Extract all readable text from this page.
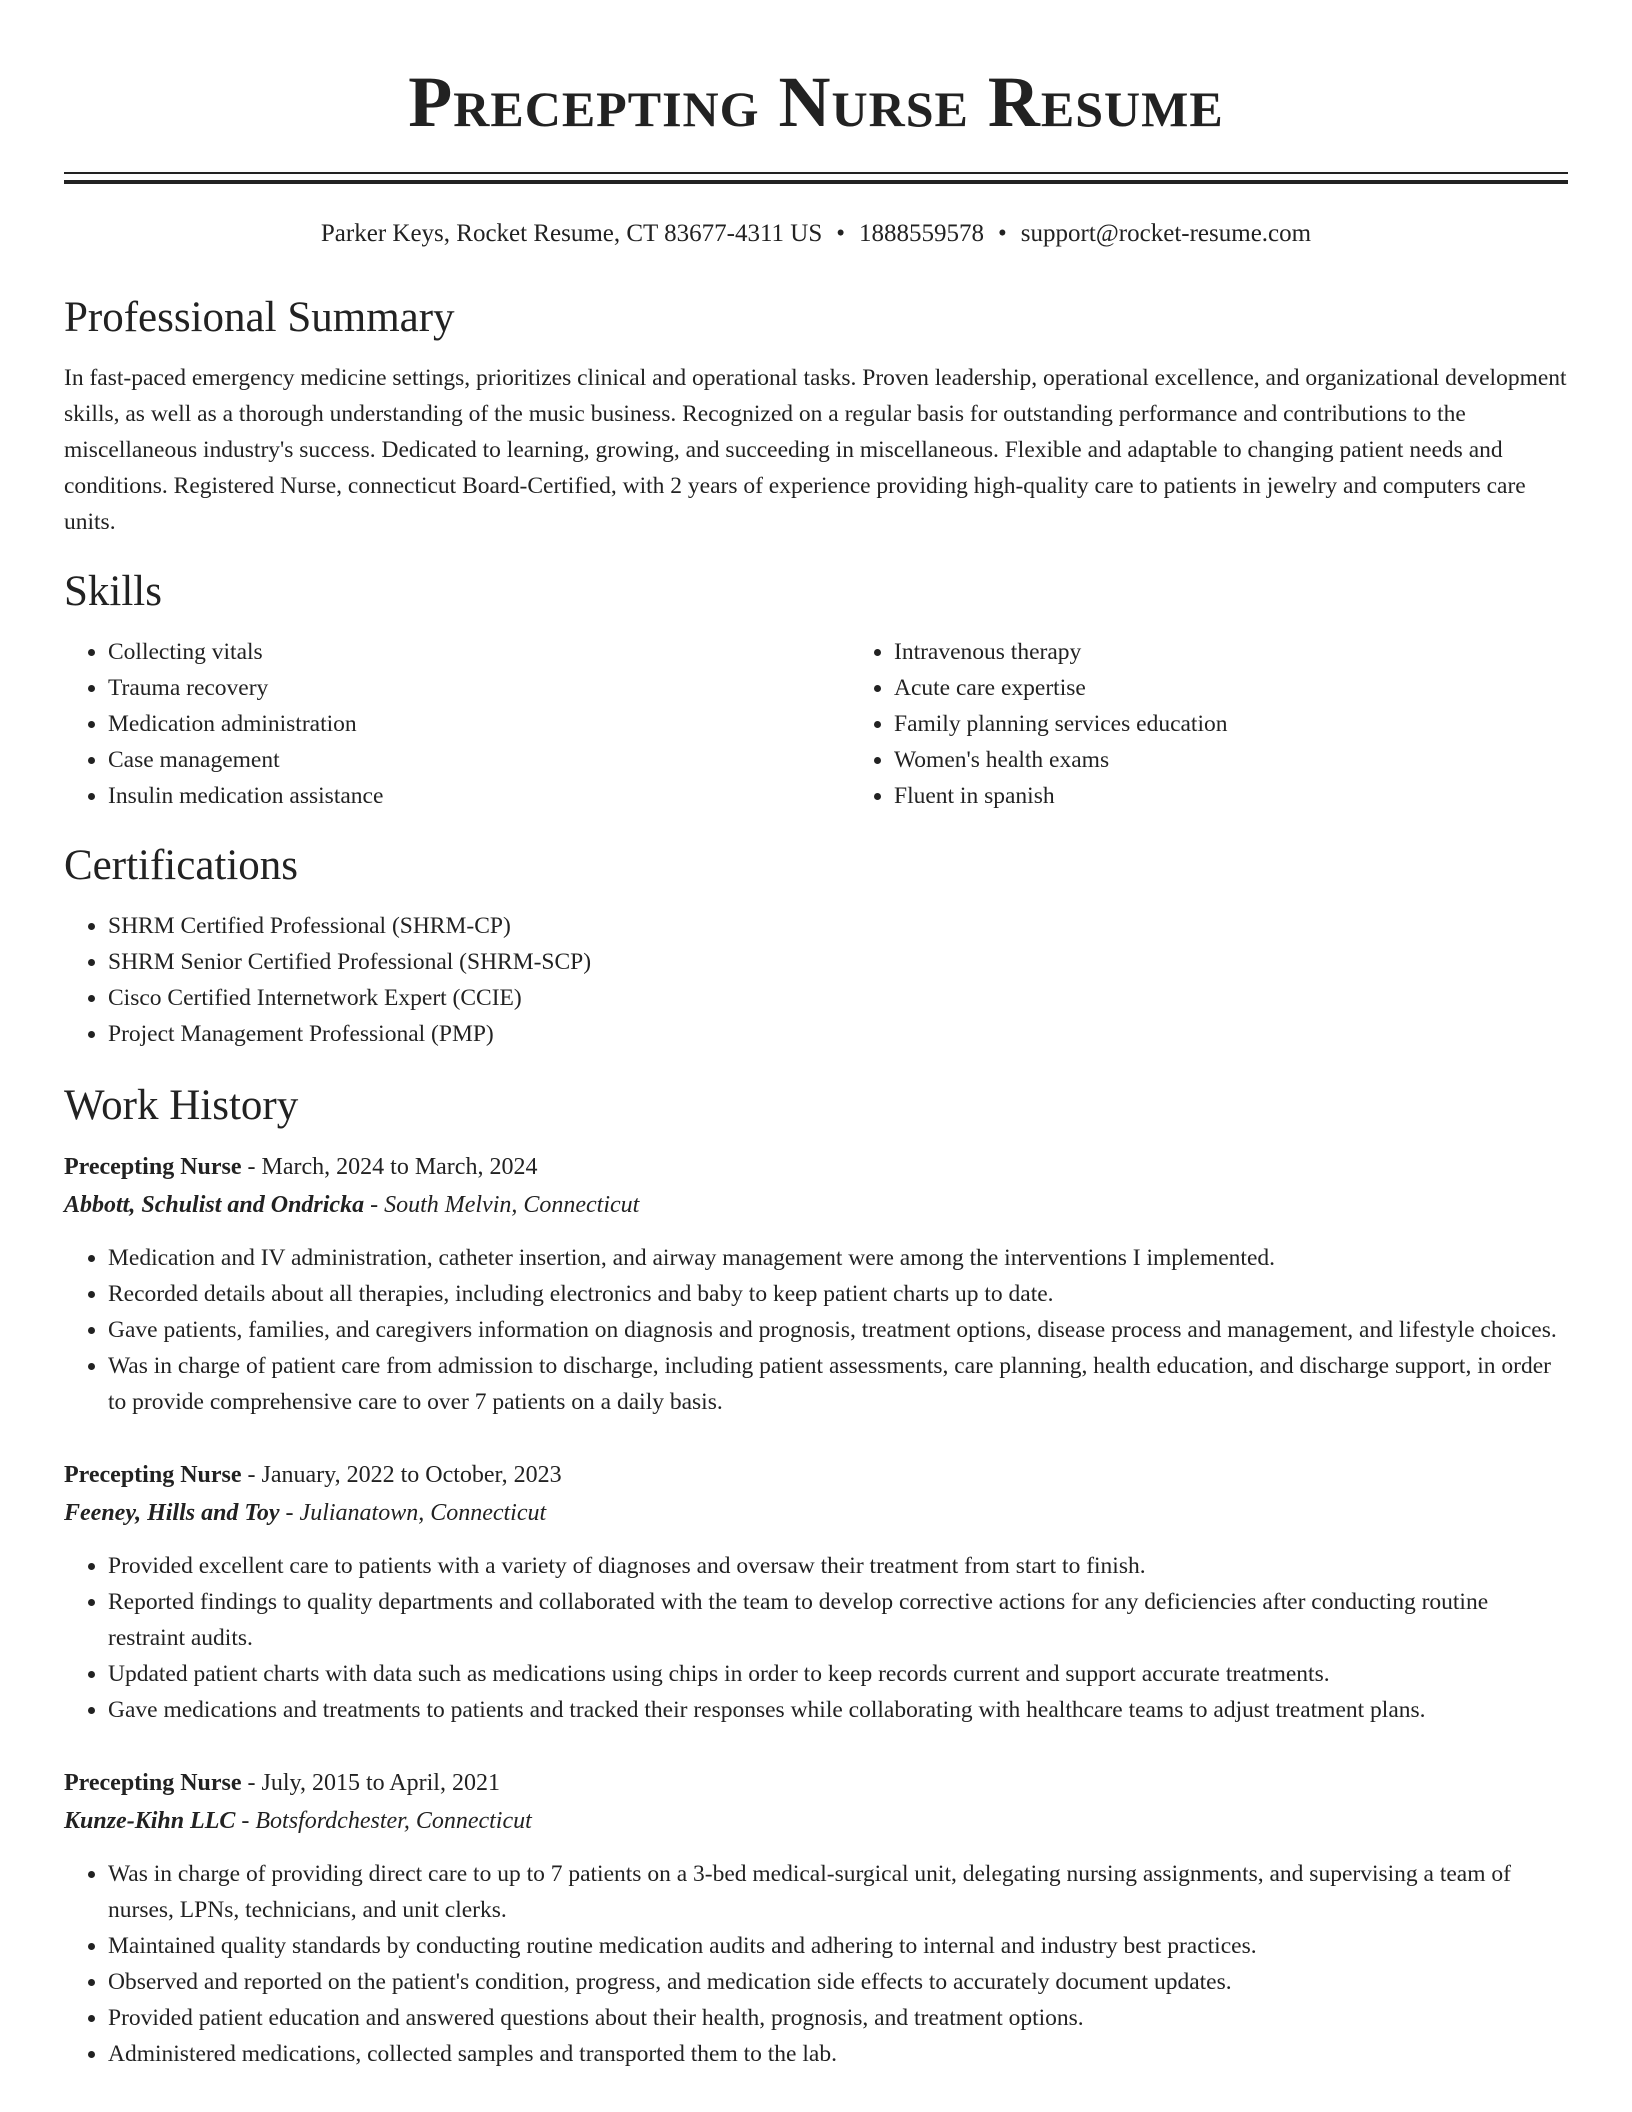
Precepting Nurse Resume
Parker Keys, Rocket Resume, CT 83677-4311 US • 1888559578 • support@rocket-resume.com
Professional Summary
In fast-paced emergency medicine settings, prioritizes clinical and operational tasks. Proven leadership, operational excellence, and organizational development skills, as well as a thorough understanding of the music business. Recognized on a regular basis for outstanding performance and contributions to the miscellaneous industry's success. Dedicated to learning, growing, and succeeding in miscellaneous. Flexible and adaptable to changing patient needs and conditions. Registered Nurse, connecticut Board-Certified, with 2 years of experience providing high-quality care to patients in jewelry and computers care units.
Skills
• Collecting vitals
• Trauma recovery
• Medication administration
• Case management
• Insulin medication assistance
• Intravenous therapy
• Acute care expertise
• Family planning services education
• Women's health exams
• Fluent in spanish
Certifications
• SHRM Certified Professional (SHRM-CP)
• SHRM Senior Certified Professional (SHRM-SCP)
• Cisco Certified Internetwork Expert (CCIE)
• Project Management Professional (PMP)
Work History
Precepting Nurse - March, 2024 to March, 2024
Abbott, Schulist and Ondricka - South Melvin, Connecticut
• Medication and IV administration, catheter insertion, and airway management were among the interventions I implemented.
• Recorded details about all therapies, including electronics and baby to keep patient charts up to date.
• Gave patients, families, and caregivers information on diagnosis and prognosis, treatment options, disease process and management, and lifestyle choices.
• Was in charge of patient care from admission to discharge, including patient assessments, care planning, health education, and discharge support, in order to provide comprehensive care to over 7 patients on a daily basis.
Precepting Nurse - January, 2022 to October, 2023
Feeney, Hills and Toy - Julianatown, Connecticut
• Provided excellent care to patients with a variety of diagnoses and oversaw their treatment from start to finish.
• Reported findings to quality departments and collaborated with the team to develop corrective actions for any deficiencies after conducting routine restraint audits.
• Updated patient charts with data such as medications using chips in order to keep records current and support accurate treatments.
• Gave medications and treatments to patients and tracked their responses while collaborating with healthcare teams to adjust treatment plans.
Precepting Nurse - July, 2015 to April, 2021
Kunze-Kihn LLC - Botsfordchester, Connecticut
• Was in charge of providing direct care to up to 7 patients on a 3-bed medical-surgical unit, delegating nursing assignments, and supervising a team of nurses, LPNs, technicians, and unit clerks.
• Maintained quality standards by conducting routine medication audits and adhering to internal and industry best practices.
• Observed and reported on the patient's condition, progress, and medication side effects to accurately document updates.
• Provided patient education and answered questions about their health, prognosis, and treatment options.
• Administered medications, collected samples and transported them to the lab.
